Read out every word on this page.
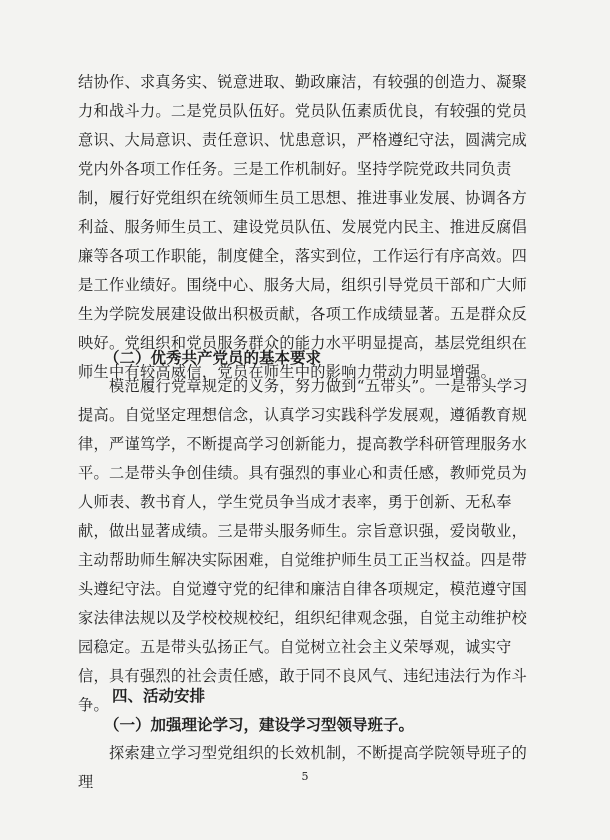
结协作、求真务实、锐意进取、勤政廉洁，有较强的创造力、凝聚力和战斗力。二是党员队伍好。党员队伍素质优良，有较强的党员意识、大局意识、责任意识、忧患意识，严格遵纪守法，圆满完成党内外各项工作任务。三是工作机制好。坚持学院党政共同负责制，履行好党组织在统领师生员工思想、推进事业发展、协调各方利益、服务师生员工、建设党员队伍、发展党内民主、推进反腐倡廉等各项工作职能，制度健全，落实到位，工作运行有序高效。四是工作业绩好。围绕中心、服务大局，组织引导党员干部和广大师生为学院发展建设做出积极贡献，各项工作成绩显著。五是群众反映好。党组织和党员服务群众的能力水平明显提高，基层党组织在师生中有较高威信，党员在师生中的影响力带动力明显增强。

（二）优秀共产党员的基本要求

模范履行党章规定的义务，努力做到“五带头”。一是带头学习提高。自觉坚定理想信念，认真学习实践科学发展观，遵循教育规律，严谨笃学，不断提高学习创新能力，提高教学科研管理服务水平。二是带头争创佳绩。具有强烈的事业心和责任感，教师党员为人师表、教书育人，学生党员争当成才表率，勇于创新、无私奉献，做出显著成绩。三是带头服务师生。宗旨意识强，爱岗敬业，主动帮助师生解决实际困难，自觉维护师生员工正当权益。四是带头遵纪守法。自觉遵守党的纪律和廉洁自律各项规定，模范遵守国家法律法规以及学校校规校纪，组织纪律观念强，自觉主动维护校园稳定。五是带头弘扬正气。自觉树立社会主义荣辱观，诚实守信，具有强烈的社会责任感，敢于同不良风气、违纪违法行为作斗争。 四、活动安排

（一）加强理论学习，建设学习型领导班子。

探索建立学习型党组织的长效机制，不断提高学院领导班子的理	5
